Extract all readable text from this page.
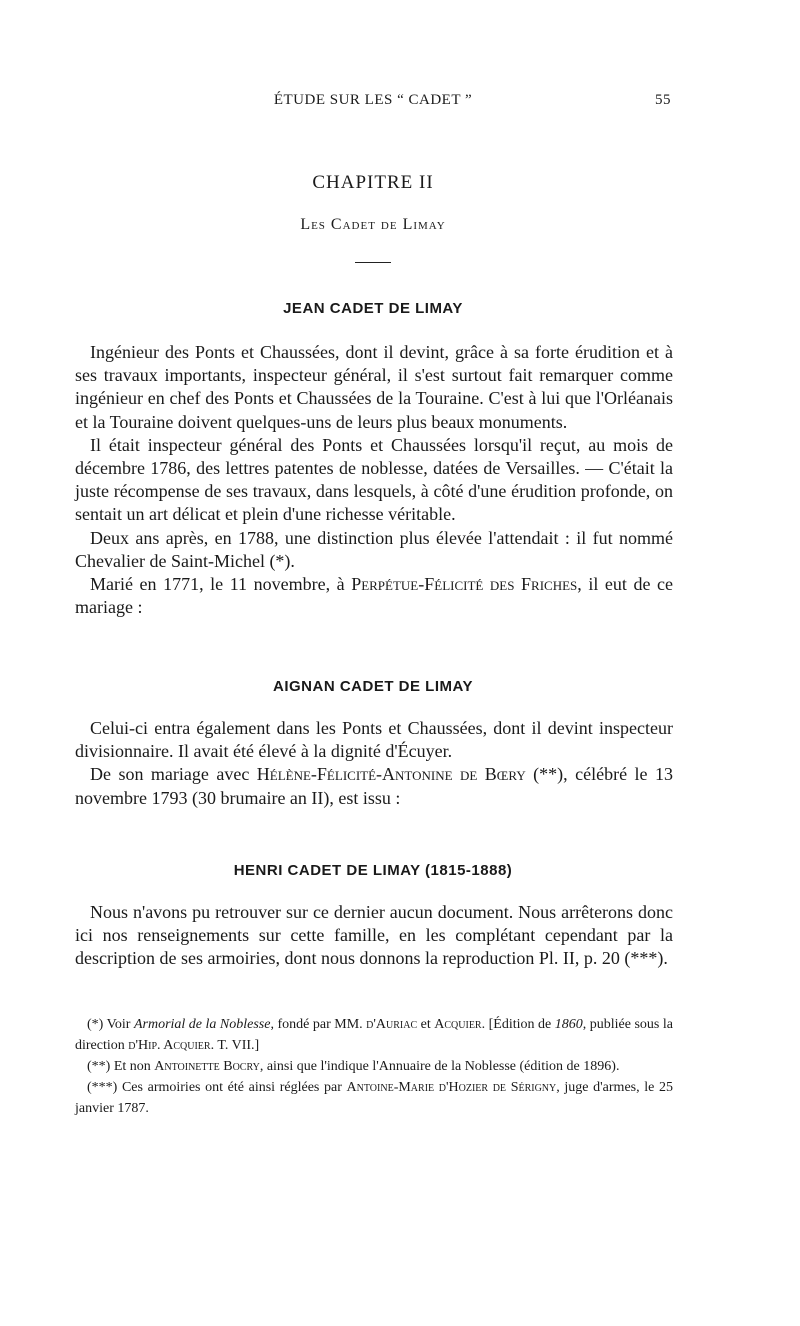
ÉTUDE SUR LES “ CADET ”	55
CHAPITRE II
Les Cadet de Limay
JEAN CADET DE LIMAY

Ingénieur des Ponts et Chaussées, dont il devint, grâce à sa forte érudition et à ses travaux importants, inspecteur général, il s'est surtout fait remarquer comme ingénieur en chef des Ponts et Chaussées de la Touraine. C'est à lui que l'Orléanais et la Touraine doivent quelques-uns de leurs plus beaux monuments.

Il était inspecteur général des Ponts et Chaussées lorsqu'il reçut, au mois de décembre 1786, des lettres patentes de noblesse, datées de Versailles. — C'était la juste récompense de ses travaux, dans lesquels, à côté d'une érudition profonde, on sentait un art délicat et plein d'une richesse véritable.

Deux ans après, en 1788, une distinction plus élevée l'attendait : il fut nommé Chevalier de Saint-Michel (*).

Marié en 1771, le 11 novembre, à Perpétue-Félicité des Friches, il eut de ce mariage :

AIGNAN CADET DE LIMAY

Celui-ci entra également dans les Ponts et Chaussées, dont il devint inspecteur divisionnaire. Il avait été élevé à la dignité d'Écuyer.

De son mariage avec Hélène-Félicité-Antonine de Bœry (**), célébré le 13 novembre 1793 (30 brumaire an II), est issu :

HENRI CADET DE LIMAY (1815-1888)

Nous n'avons pu retrouver sur ce dernier aucun document. Nous arrêterons donc ici nos renseignements sur cette famille, en les complétant cependant par la description de ses armoiries, dont nous donnons la reproduction Pl. II, p. 20 (***).

(*) Voir Armorial de la Noblesse, fondé par MM. d'Auriac et Acquier. [Édition de 1860, publiée sous la direction d'Hip. Acquier. T. VII.]

(**) Et non Antoinette Bocry, ainsi que l'indique l'Annuaire de la Noblesse (édition de 1896).

(***) Ces armoiries ont été ainsi réglées par Antoine-Marie d'Hozier de Sérigny, juge d'armes, le 25 janvier 1787.
